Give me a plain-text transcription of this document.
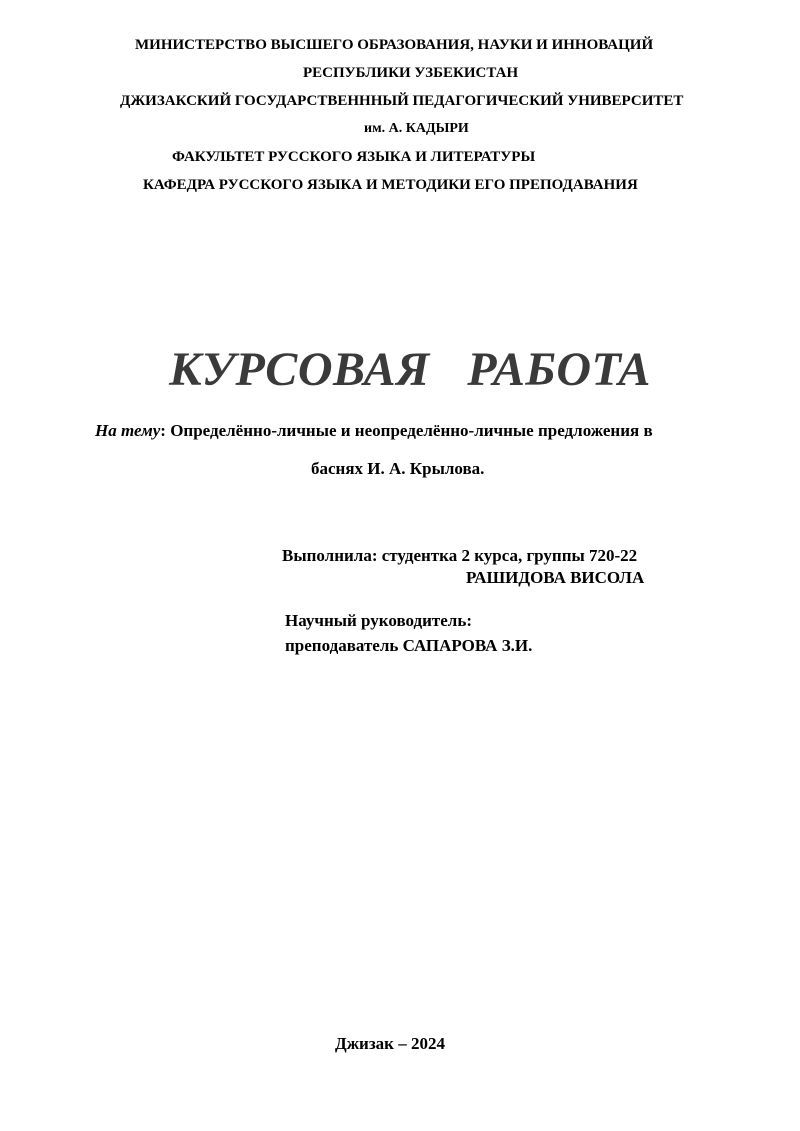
МИНИСТЕРСТВО ВЫСШЕГО ОБРАЗОВАНИЯ, НАУКИ И ИННОВАЦИЙ
РЕСПУБЛИКИ УЗБЕКИСТАН
ДЖИЗАКСКИЙ ГОСУДАРСТВЕНННЫЙ ПЕДАГОГИЧЕСКИЙ УНИВЕРСИТЕТ
им. А. КАДЫРИ
ФАКУЛЬТЕТ РУССКОГО ЯЗЫКА И ЛИТЕРАТУРЫ
КАФЕДРА РУССКОГО ЯЗЫКА И МЕТОДИКИ ЕГО ПРЕПОДАВАНИЯ
КУРСОВАЯ   РАБОТА
На тему: Определённо-личные и неопределённо-личные предложения в
баснях И. А. Крылова.
Выполнила: студентка 2 курса, группы 720-22
РАШИДОВА ВИСОЛА
Научный руководитель:
преподаватель САПАРОВА З.И.
Джизак – 2024
